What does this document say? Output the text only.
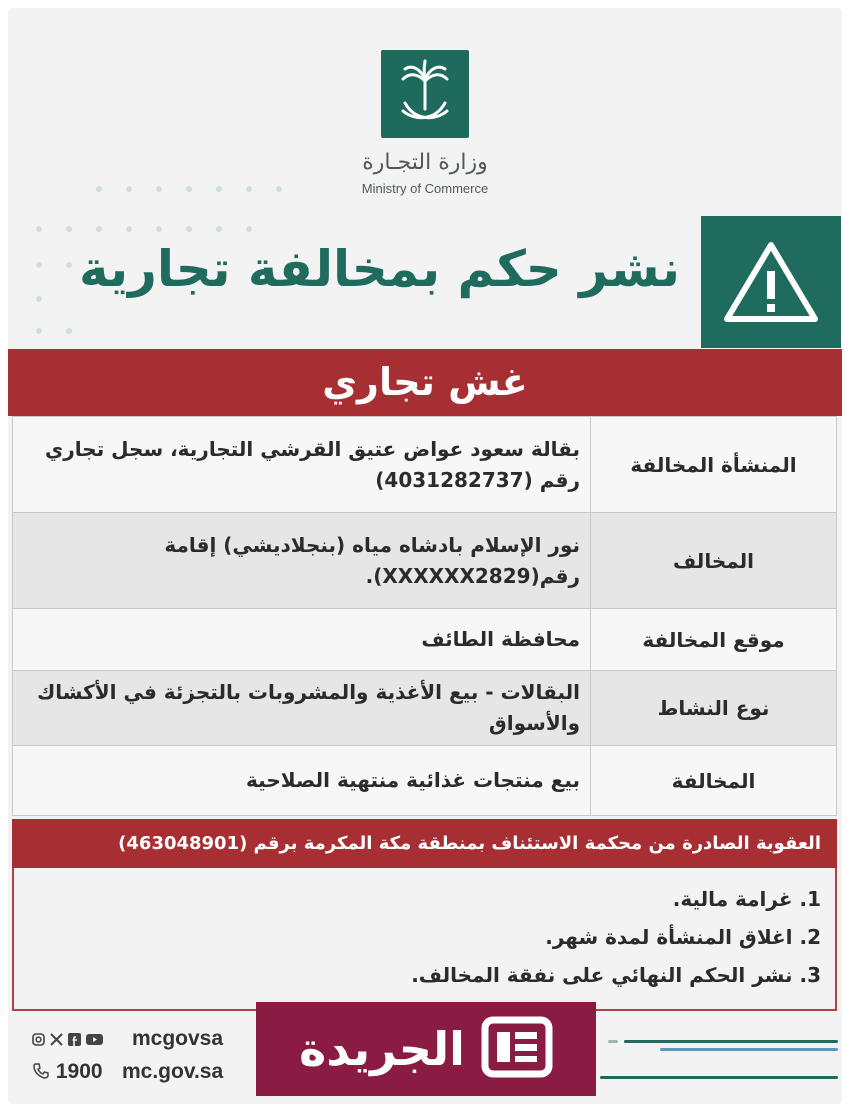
وزارة التجـارة
Ministry of Commerce
نشر حكم بمخالفة تجارية
غش تجاري
المنشأة المخالفة	بقالة سعود عواض عتيق القرشي التجارية، سجل تجاري رقم (4031282737)
المخالف	نور الإسلام بادشاه مياه (بنجلاديشي) إقامة رقم(XXXXXX2829).
موقع المخالفة	محافظة الطائف
نوع النشاط	البقالات - بيع الأغذية والمشروبات بالتجزئة في الأكشاك والأسواق
المخالفة	بيع منتجات غذائية منتهية الصلاحية
العقوبة الصادرة من محكمة الاستئناف بمنطقة مكة المكرمة برقم (463048901)
1. غرامة مالية.
2. اغلاق المنشأة لمدة شهر.
3. نشر الحكم النهائي على نفقة المخالف.
mcgovsa
1900 mc.gov.sa الجريدة
